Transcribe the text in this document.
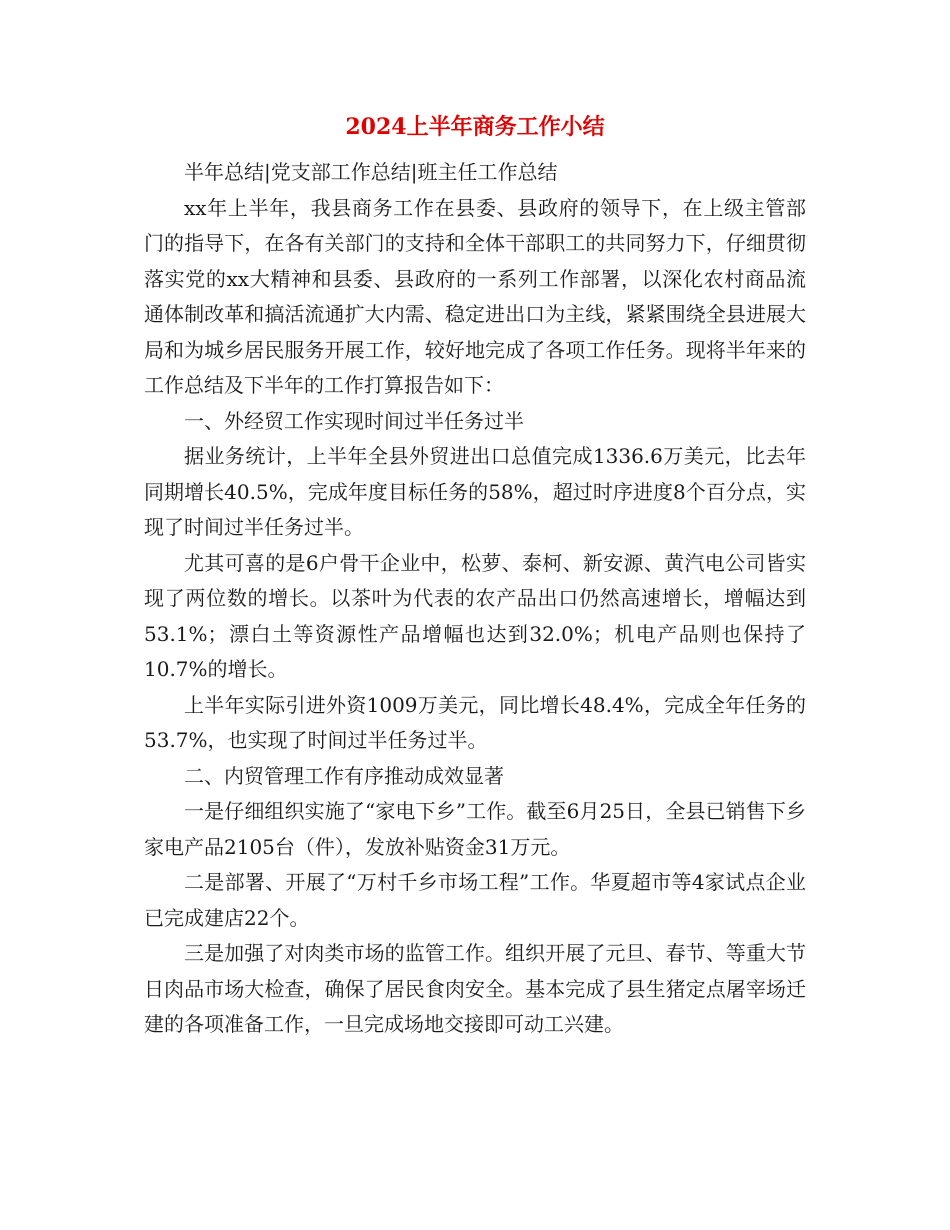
2024上半年商务工作小结

半年总结|党支部工作总结|班主任工作总结

xx年上半年，我县商务工作在县委、县政府的领导下，在上级主管部门的指导下，在各有关部门的支持和全体干部职工的共同努力下，仔细贯彻落实党的xx大精神和县委、县政府的一系列工作部署，以深化农村商品流通体制改革和搞活流通扩大内需、稳定进出口为主线，紧紧围绕全县进展大局和为城乡居民服务开展工作，较好地完成了各项工作任务。现将半年来的工作总结及下半年的工作打算报告如下：

一、外经贸工作实现时间过半任务过半

据业务统计，上半年全县外贸进出口总值完成1336.6万美元，比去年同期增长40.5%，完成年度目标任务的58%，超过时序进度8个百分点，实现了时间过半任务过半。

尤其可喜的是6户骨干企业中，松萝、泰柯、新安源、黄汽电公司皆实现了两位数的增长。以茶叶为代表的农产品出口仍然高速增长，增幅达到53.1%；漂白土等资源性产品增幅也达到32.0%；机电产品则也保持了10.7%的增长。

上半年实际引进外资1009万美元，同比增长48.4%，完成全年任务的53.7%，也实现了时间过半任务过半。

二、内贸管理工作有序推动成效显著

一是仔细组织实施了“家电下乡”工作。截至6月25日，全县已销售下乡家电产品2105台（件），发放补贴资金31万元。

二是部署、开展了“万村千乡市场工程”工作。华夏超市等4家试点企业已完成建店22个。

三是加强了对肉类市场的监管工作。组织开展了元旦、春节、等重大节日肉品市场大检查，确保了居民食肉安全。基本完成了县生猪定点屠宰场迁建的各项准备工作，一旦完成场地交接即可动工兴建。
